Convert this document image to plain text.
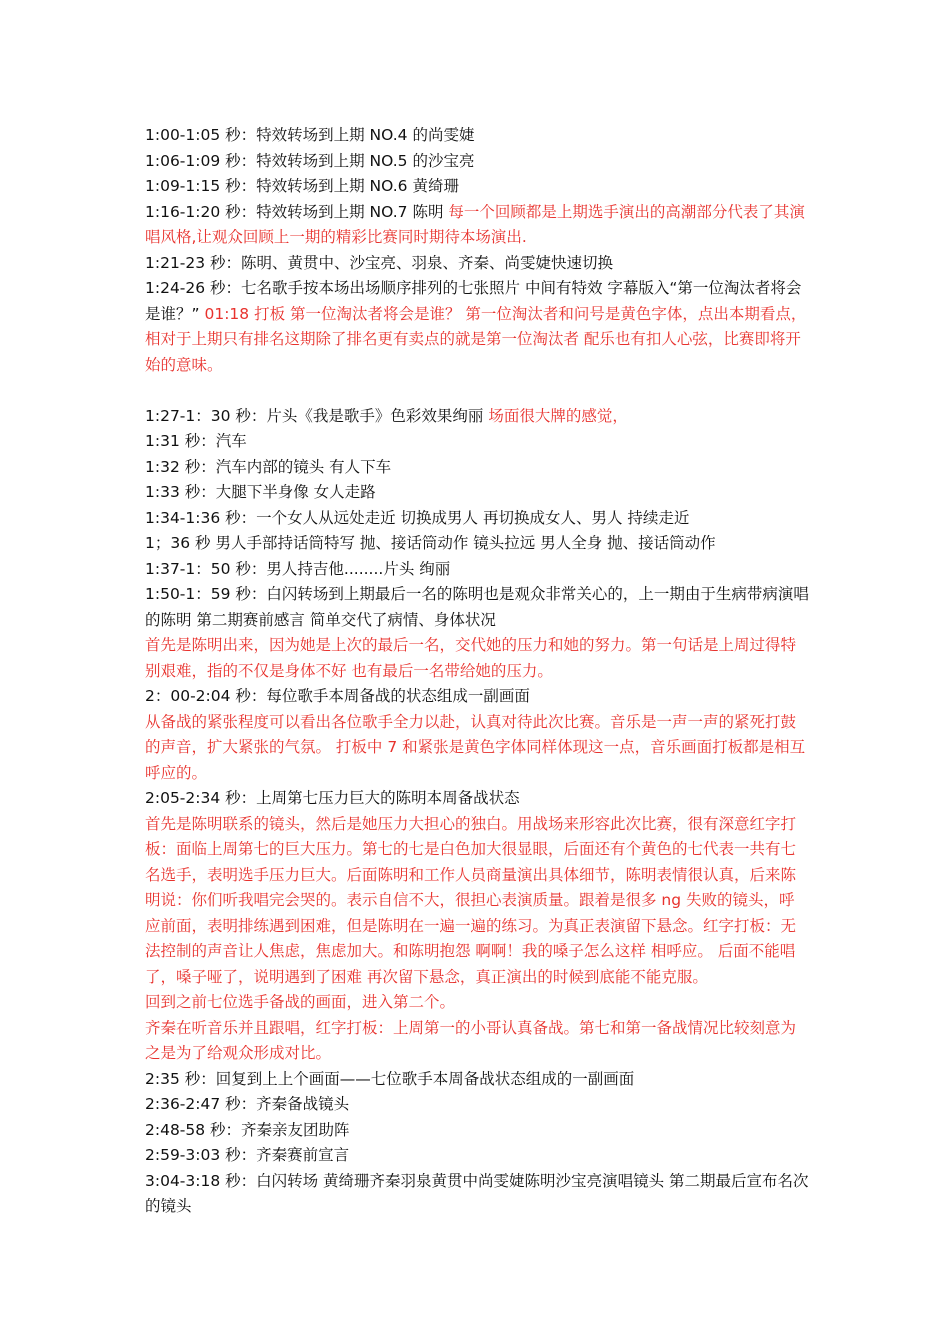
1:00-1:05 秒：特效转场到上期 NO.4 的尚雯婕

1:06-1:09 秒：特效转场到上期 NO.5 的沙宝亮

1:09-1:15 秒：特效转场到上期 NO.6 黄绮珊

1:16-1:20 秒：特效转场到上期 NO.7 陈明 每一个回顾都是上期选手演出的高潮部分代表了其演唱风格,让观众回顾上一期的精彩比赛同时期待本场演出.

1:21-23 秒：陈明、黄贯中、沙宝亮、羽泉、齐秦、尚雯婕快速切换

1:24-26 秒：七名歌手按本场出场顺序排列的七张照片 中间有特效 字幕版入“第一位淘汰者将会是谁？” 01:18 打板 第一位淘汰者将会是谁？ 第一位淘汰者和问号是黄色字体，点出本期看点，相对于上期只有排名这期除了排名更有卖点的就是第一位淘汰者 配乐也有扣人心弦，比赛即将开始的意味。

1:27-1：30 秒：片头《我是歌手》色彩效果绚丽 场面很大牌的感觉，

1:31 秒：汽车

1:32 秒：汽车内部的镜头 有人下车

1:33 秒：大腿下半身像 女人走路

1:34-1:36 秒：一个女人从远处走近 切换成男人 再切换成女人、男人 持续走近

1；36 秒 男人手部持话筒特写 抛、接话筒动作 镜头拉远 男人全身 抛、接话筒动作

1:37-1：50 秒：男人持吉他........片头 绚丽

1:50-1：59 秒：白闪转场到上期最后一名的陈明也是观众非常关心的，上一期由于生病带病演唱的陈明 第二期赛前感言 简单交代了病情、身体状况

首先是陈明出来，因为她是上次的最后一名，交代她的压力和她的努力。第一句话是上周过得特别艰难，指的不仅是身体不好 也有最后一名带给她的压力。

2：00-2:04 秒：每位歌手本周备战的状态组成一副画面

从备战的紧张程度可以看出各位歌手全力以赴，认真对待此次比赛。音乐是一声一声的紧死打鼓的声音，扩大紧张的气氛。 打板中 7 和紧张是黄色字体同样体现这一点，音乐画面打板都是相互呼应的。

2:05-2:34 秒：上周第七压力巨大的陈明本周备战状态

首先是陈明联系的镜头，然后是她压力大担心的独白。用战场来形容此次比赛，很有深意红字打板：面临上周第七的巨大压力。第七的七是白色加大很显眼，后面还有个黄色的七代表一共有七名选手，表明选手压力巨大。后面陈明和工作人员商量演出具体细节，陈明表情很认真，后来陈明说：你们听我唱完会哭的。表示自信不大，很担心表演质量。跟着是很多 ng 失败的镜头，呼应前面，表明排练遇到困难，但是陈明在一遍一遍的练习。为真正表演留下悬念。红字打板：无法控制的声音让人焦虑，焦虑加大。和陈明抱怨 啊啊！我的嗓子怎么这样 相呼应。 后面不能唱了，嗓子哑了，说明遇到了困难 再次留下悬念，真正演出的时候到底能不能克服。

回到之前七位选手备战的画面，进入第二个。

齐秦在听音乐并且跟唱，红字打板：上周第一的小哥认真备战。第七和第一备战情况比较刻意为之是为了给观众形成对比。

2:35 秒：回复到上上个画面——七位歌手本周备战状态组成的一副画面

2:36-2:47 秒：齐秦备战镜头

2:48-58 秒：齐秦亲友团助阵

2:59-3:03 秒：齐秦赛前宣言

3:04-3:18 秒：白闪转场 黄绮珊齐秦羽泉黄贯中尚雯婕陈明沙宝亮演唱镜头 第二期最后宣布名次的镜头
